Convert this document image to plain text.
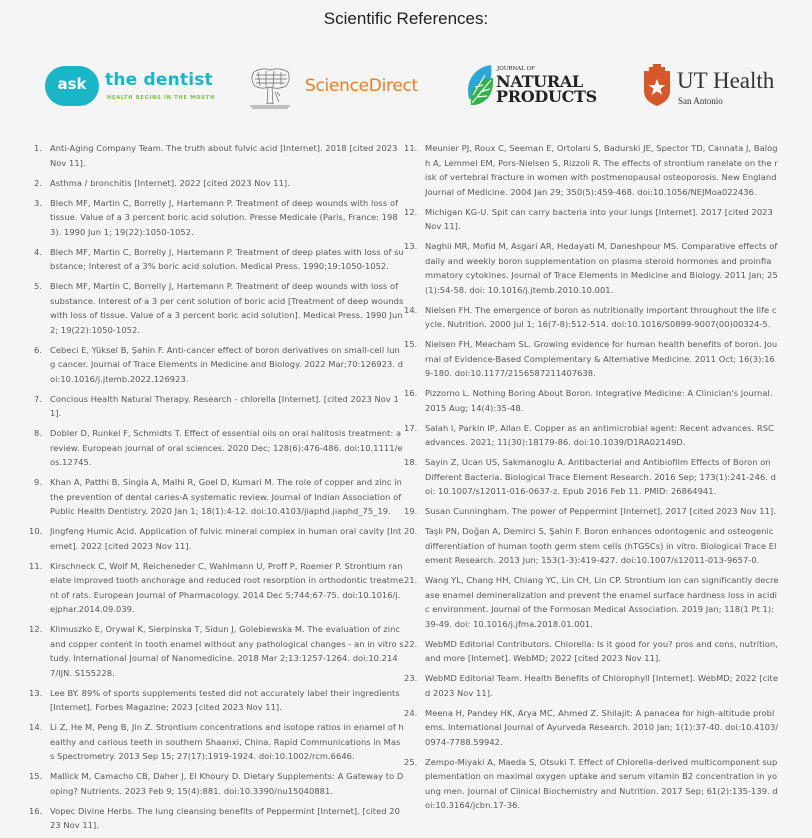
Scientific References:
ask	the dentist
HEALTH BEGINS IN THE MOUTH
ScienceDirect
JOURNAL OF
NATURAL
PRODUCTS
UT Health
San Antonio
1. Anti-Aging Company Team. The truth about fulvic acid [Internet]. 2018 [cited 2023 Nov 11].
2. Asthma / bronchitis [Internet]. 2022 [cited 2023 Nov 11].
3. Blech MF, Martin C, Borrelly J, Hartemann P. Treatment of deep wounds with loss of tissue. Value of a 3 percent boric acid solution. Presse Medicale (Paris, France: 1983). 1990 Jun 1; 19(22):1050-1052.
4. Blech MF, Martin C, Borrelly J, Hartemann P. Treatment of deep plates with loss of substance; Interest of a 3% boric acid solution. Medical Press. 1990;19:1050-1052.
5. Blech MF, Martin C, Borrelly J, Hartemann P. Treatment of deep wounds with loss of substance. Interest of a 3 per cent solution of boric acid [Treatment of deep wounds with loss of tissue. Value of a 3 percent boric acid solution]. Medical Press. 1990 Jun 2; 19(22):1050-1052.
6. Cebeci E, Yüksel B, Şahin F. Anti-cancer effect of boron derivatives on small-cell lung cancer. Journal of Trace Elements in Medicine and Biology. 2022 Mar;70:126923. doi:10.1016/j.jtemb.2022.126923.
7. Concious Health Natural Therapy. Research - chlorella [Internet]. [cited 2023 Nov 11].
8. Dobler D, Runkel F, Schmidts T. Effect of essential oils on oral halitosis treatment: a review. European journal of oral sciences. 2020 Dec; 128(6):476-486. doi:10.1111/eos.12745.
9. Khan A, Patthi B, Singla A, Malhi R, Goel D, Kumari M. The role of copper and zinc in the prevention of dental caries-A systematic review. Journal of Indian Association of Public Health Dentistry. 2020 Jan 1; 18(1):4-12. doi:10.4103/jiaphd.jiaphd_75_19.
10. Jingfeng Humic Acid. Application of fulvic mineral complex in human oral cavity [Internet]. 2022 [cited 2023 Nov 11].
11. Kirschneck C, Wolf M, Reicheneder C, Wahlmann U, Proff P, Roemer P. Strontium ranelate improved tooth anchorage and reduced root resorption in orthodontic treatment of rats. European Journal of Pharmacology. 2014 Dec 5;744:67-75. doi:10.1016/j.ejphar.2014.09.039.
12. Klimuszko E, Orywal K, Sierpinska T, Sidun J, Golebiewska M. The evaluation of zinc and copper content in tooth enamel without any pathological changes - an in vitro study. International Journal of Nanomedicine. 2018 Mar 2;13:1257-1264. doi:10.2147/IJN. S155228.
13. Lee BY. 89% of sports supplements tested did not accurately label their ingredients [Internet]. Forbes Magazine; 2023 [cited 2023 Nov 11].
14. Li Z, He M, Peng B, Jin Z. Strontium concentrations and isotope ratios in enamel of healthy and carious teeth in southern Shaanxi, China. Rapid Communications in Mass Spectrometry. 2013 Sep 15; 27(17):1919-1924. doi:10.1002/rcm.6646.
15. Mallick M, Camacho CB, Daher J, El Khoury D. Dietary Supplements: A Gateway to Doping? Nutrients. 2023 Feb 9; 15(4):881. doi:10.3390/nu15040881.
16. Vopec Divine Herbs. The lung cleansing benefits of Peppermint [Internet]. [cited 2023 Nov 11].
11. Meunier PJ, Roux C, Seeman E, Ortolani S, Badurski JE, Spector TD, Cannata J, Balogh A, Lemmel EM, Pors-Nielsen S, Rizzoli R. The effects of strontium ranelate on the risk of vertebral fracture in women with postmenopausal osteoporosis. New England Journal of Medicine. 2004 Jan 29; 350(5):459-468. doi:10.1056/NEJMoa022436.
12. Michigan KG-U. Spit can carry bacteria into your lungs [Internet]. 2017 [cited 2023 Nov 11].
13. Naghii MR, Mofid M, Asgari AR, Hedayati M, Daneshpour MS. Comparative effects of daily and weekly boron supplementation on plasma steroid hormones and proinflammatory cytokines. Journal of Trace Elements in Medicine and Biology. 2011 Jan; 25(1):54-58. doi: 10.1016/j.jtemb.2010.10.001.
14. Nielsen FH. The emergence of boron as nutritionally important throughout the life cycle. Nutrition. 2000 Jul 1; 16(7-8):512-514. doi:10.1016/S0899-9007(00)00324-5.
15. Nielsen FH, Meacham SL. Growing evidence for human health benefits of boron. Journal of Evidence-Based Complementary & Alternative Medicine. 2011 Oct; 16(3):169-180. doi:10.1177/2156587211407638.
16. Pizzorno L. Nothing Boring About Boron. Integrative Medicine: A Clinician's Journal. 2015 Aug; 14(4):35-48.
17. Salah I, Parkin IP, Allan E. Copper as an antimicrobial agent: Recent advances. RSC advances. 2021; 11(30):18179-86. doi:10.1039/D1RA02149D.
18. Sayin Z, Ucan US, Sakmanoglu A. Antibacterial and Antibiofilm Effects of Boron on Different Bacteria. Biological Trace Element Research. 2016 Sep; 173(1):241-246. doi: 10.1007/s12011-016-0637-z. Epub 2016 Feb 11. PMID: 26864941.
19. Susan Cunningham. The power of Peppermint [Internet]. 2017 [cited 2023 Nov 11].
20. Taşlı PN, Doğan A, Demirci S, Şahin F. Boron enhances odontogenic and osteogenic differentiation of human tooth germ stem cells (hTGSCs) in vitro. Biological Trace Element Research. 2013 Jun; 153(1-3):419-427. doi:10.1007/s12011-013-9657-0.
21. Wang YL, Chang HH, Chiang YC, Lin CH, Lin CP. Strontium ion can significantly decrease enamel demineralization and prevent the enamel surface hardness loss in acidic environment. Journal of the Formosan Medical Association. 2019 Jan; 118(1 Pt 1):39-49. doi: 10.1016/j.jfma.2018.01.001.
22. WebMD Editorial Contributors. Chlorella: Is it good for you? pros and cons, nutrition, and more [Internet]. WebMD; 2022 [cited 2023 Nov 11].
23. WebMD Editorial Team. Health Benefits of Chlorophyll [Internet]. WebMD; 2022 [cited 2023 Nov 11].
24. Meena H, Pandey HK, Arya MC, Ahmed Z. Shilajit: A panacea for high-altitude problems. International Journal of Ayurveda Research. 2010 Jan; 1(1):37-40. doi:10.4103/0974-7788.59942.
25. Zempo-Miyaki A, Maeda S, Otsuki T. Effect of Chlorella-derived multicomponent supplementation on maximal oxygen uptake and serum vitamin B2 concentration in young men. Journal of Clinical Biochemistry and Nutrition. 2017 Sep; 61(2):135-139. doi:10.3164/jcbn.17-36.
